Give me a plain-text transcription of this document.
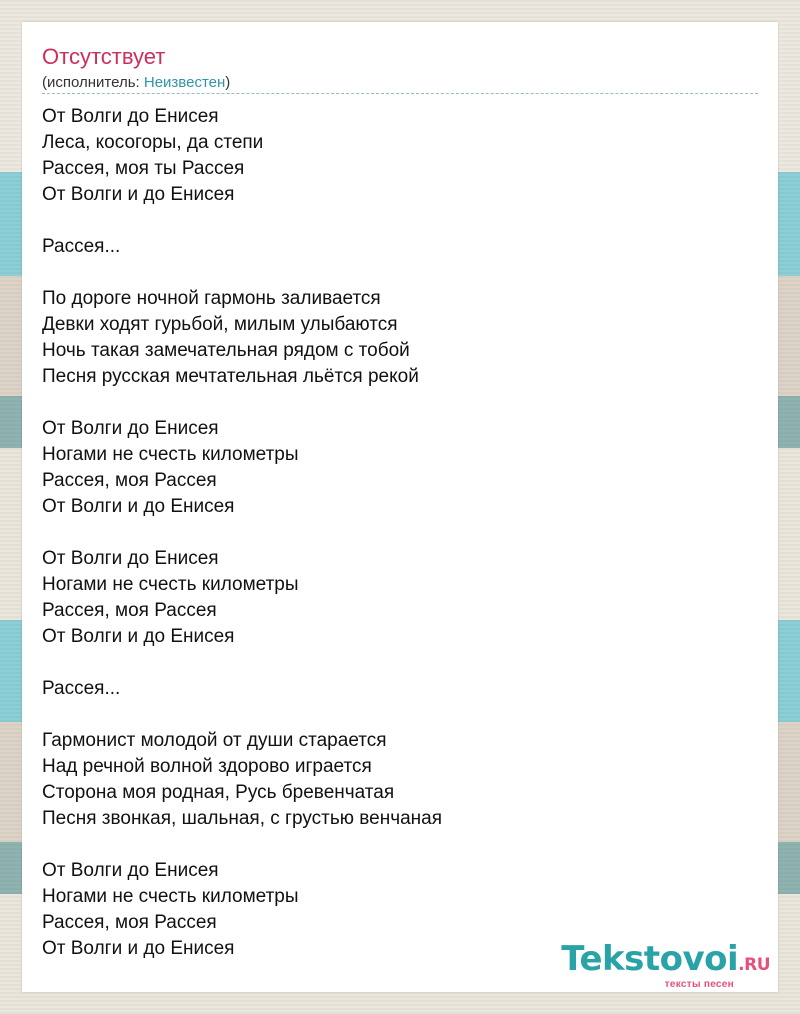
Отсутствует
(исполнитель: Неизвестен)
От Волги до Енисея
Леса, косогоры, да степи
Рассея, моя ты Рассея
От Волги и до Енисея
Рассея...
По дороге ночной гармонь заливается
Девки ходят гурьбой, милым улыбаются
Ночь такая замечательная рядом с тобой
Песня русская мечтательная льётся рекой
От Волги до Енисея
Ногами не счесть километры
Рассея, моя Рассея
От Волги и до Енисея
От Волги до Енисея
Ногами не счесть километры
Рассея, моя Рассея
От Волги и до Енисея
Рассея...
Гармонист молодой от души старается
Над речной волной здорово играется
Сторона моя родная, Русь бревенчатая
Песня звонкая, шальная, с грустью венчаная
От Волги до Енисея
Ногами не счесть километры
Рассея, моя Рассея
От Волги и до Енисея	Tekstovoi.RU
тексты песен
